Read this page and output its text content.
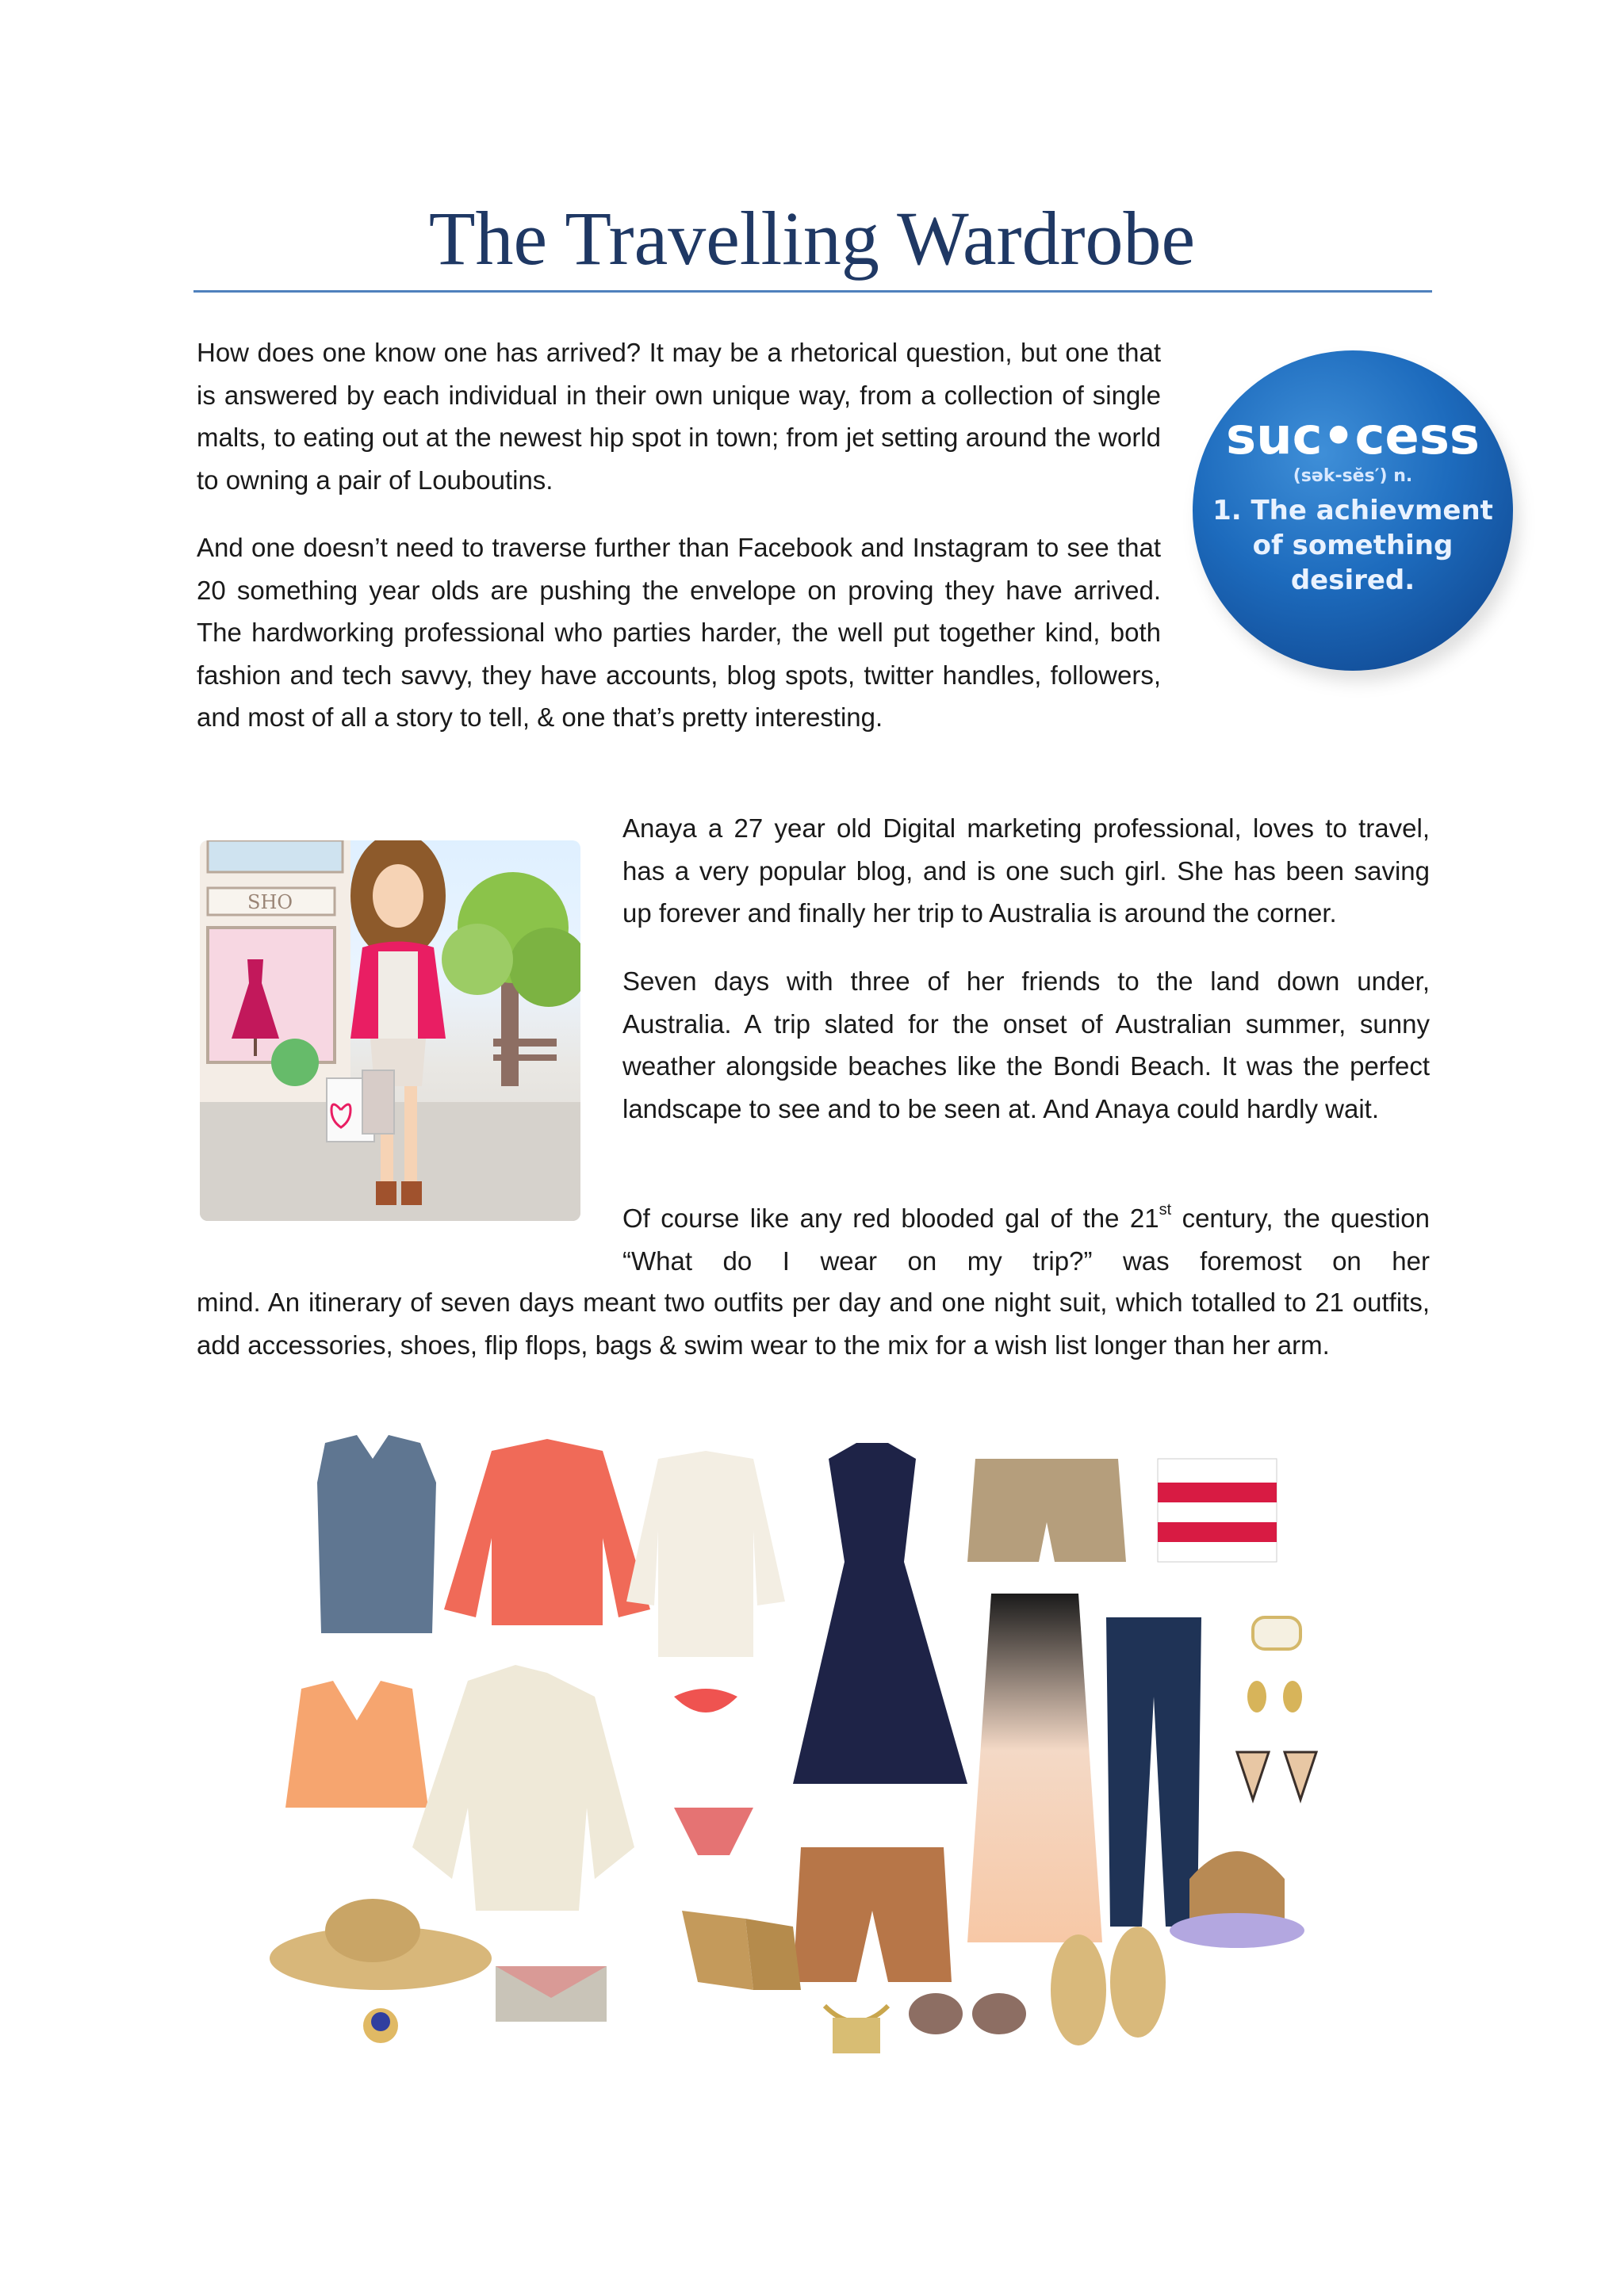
The Travelling Wardrobe

How does one know one has arrived? It may be a rhetorical question, but one that is answered by each individual in their own unique way, from a collection of single malts, to eating out at the newest hip spot in town; from jet setting around the world to owning a pair of Louboutins.

And one doesn’t need to traverse further than Facebook and Instagram to see that 20 something year olds are pushing the envelope on proving they have arrived. The hardworking professional who parties harder, the well put together kind, both fashion and tech savvy, they have accounts, blog spots, twitter handles, followers, and most of all a story to tell, & one that’s pretty interesting.

suc•cess
(sək-sĕs′) n.
1. The achievment
of something
desired.
SHO

Anaya a 27 year old Digital marketing professional, loves to travel, has a very popular blog, and is one such girl. She has been saving up forever and finally her trip to Australia is around the corner.

Seven days with three of her friends to the land down under, Australia. A trip slated for the onset of Australian summer, sunny weather alongside beaches like the Bondi Beach. It was the perfect landscape to see and to be seen at. And Anaya could hardly wait.

Of course like any red blooded gal of the 21st century, the question “What do I wear on my trip?” was foremost on her

mind. An itinerary of seven days meant two outfits per day and one night suit, which totalled to 21 outfits, add accessories, shoes, flip flops, bags & swim wear to the mix for a wish list longer than her arm.
